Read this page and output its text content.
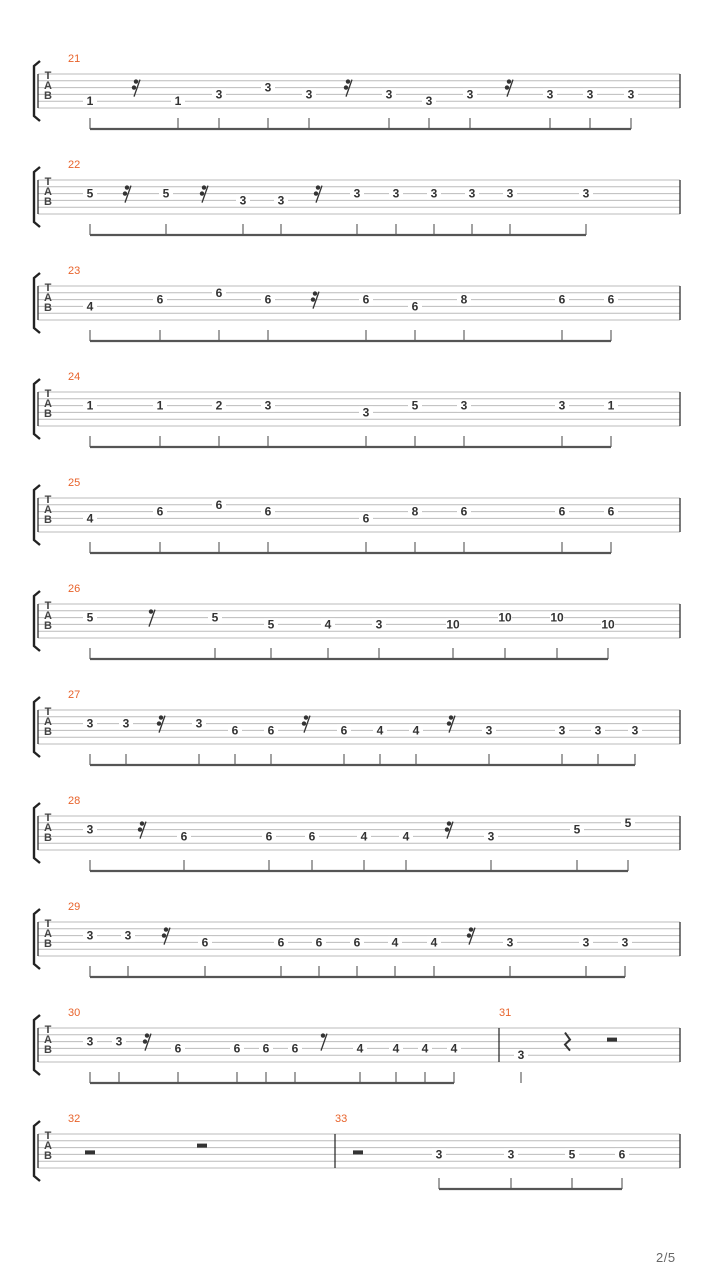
T
A
B
21
1	1	3	3	3	3	3	3	3	3	3
T
A
B
22
5	5	3	3	3	3	3	3	3	3
T
A
B
23
4	6	6	6	6	6	8	6	6
T
A
B
24
1	1	2	3	3	5	3	3	1
T
A
B
25
4	6	6	6	6	8	6	6	6
T
A
B
26
5	5	5	4	3	10	10	10	10
T
A
B
27
3 3	3 6 6	6 4 4	3	3 3	3
T
A
B
28
3	6	6	6	4	4	3	5	5
T
A
B
29
3	3	6	6	6	6	4	4	3	3	3
T
A
B
30
3 3	6	6 6 6	4 4 4 4
31
3
T
A
B
32	33
3	3	5	6
2/5
